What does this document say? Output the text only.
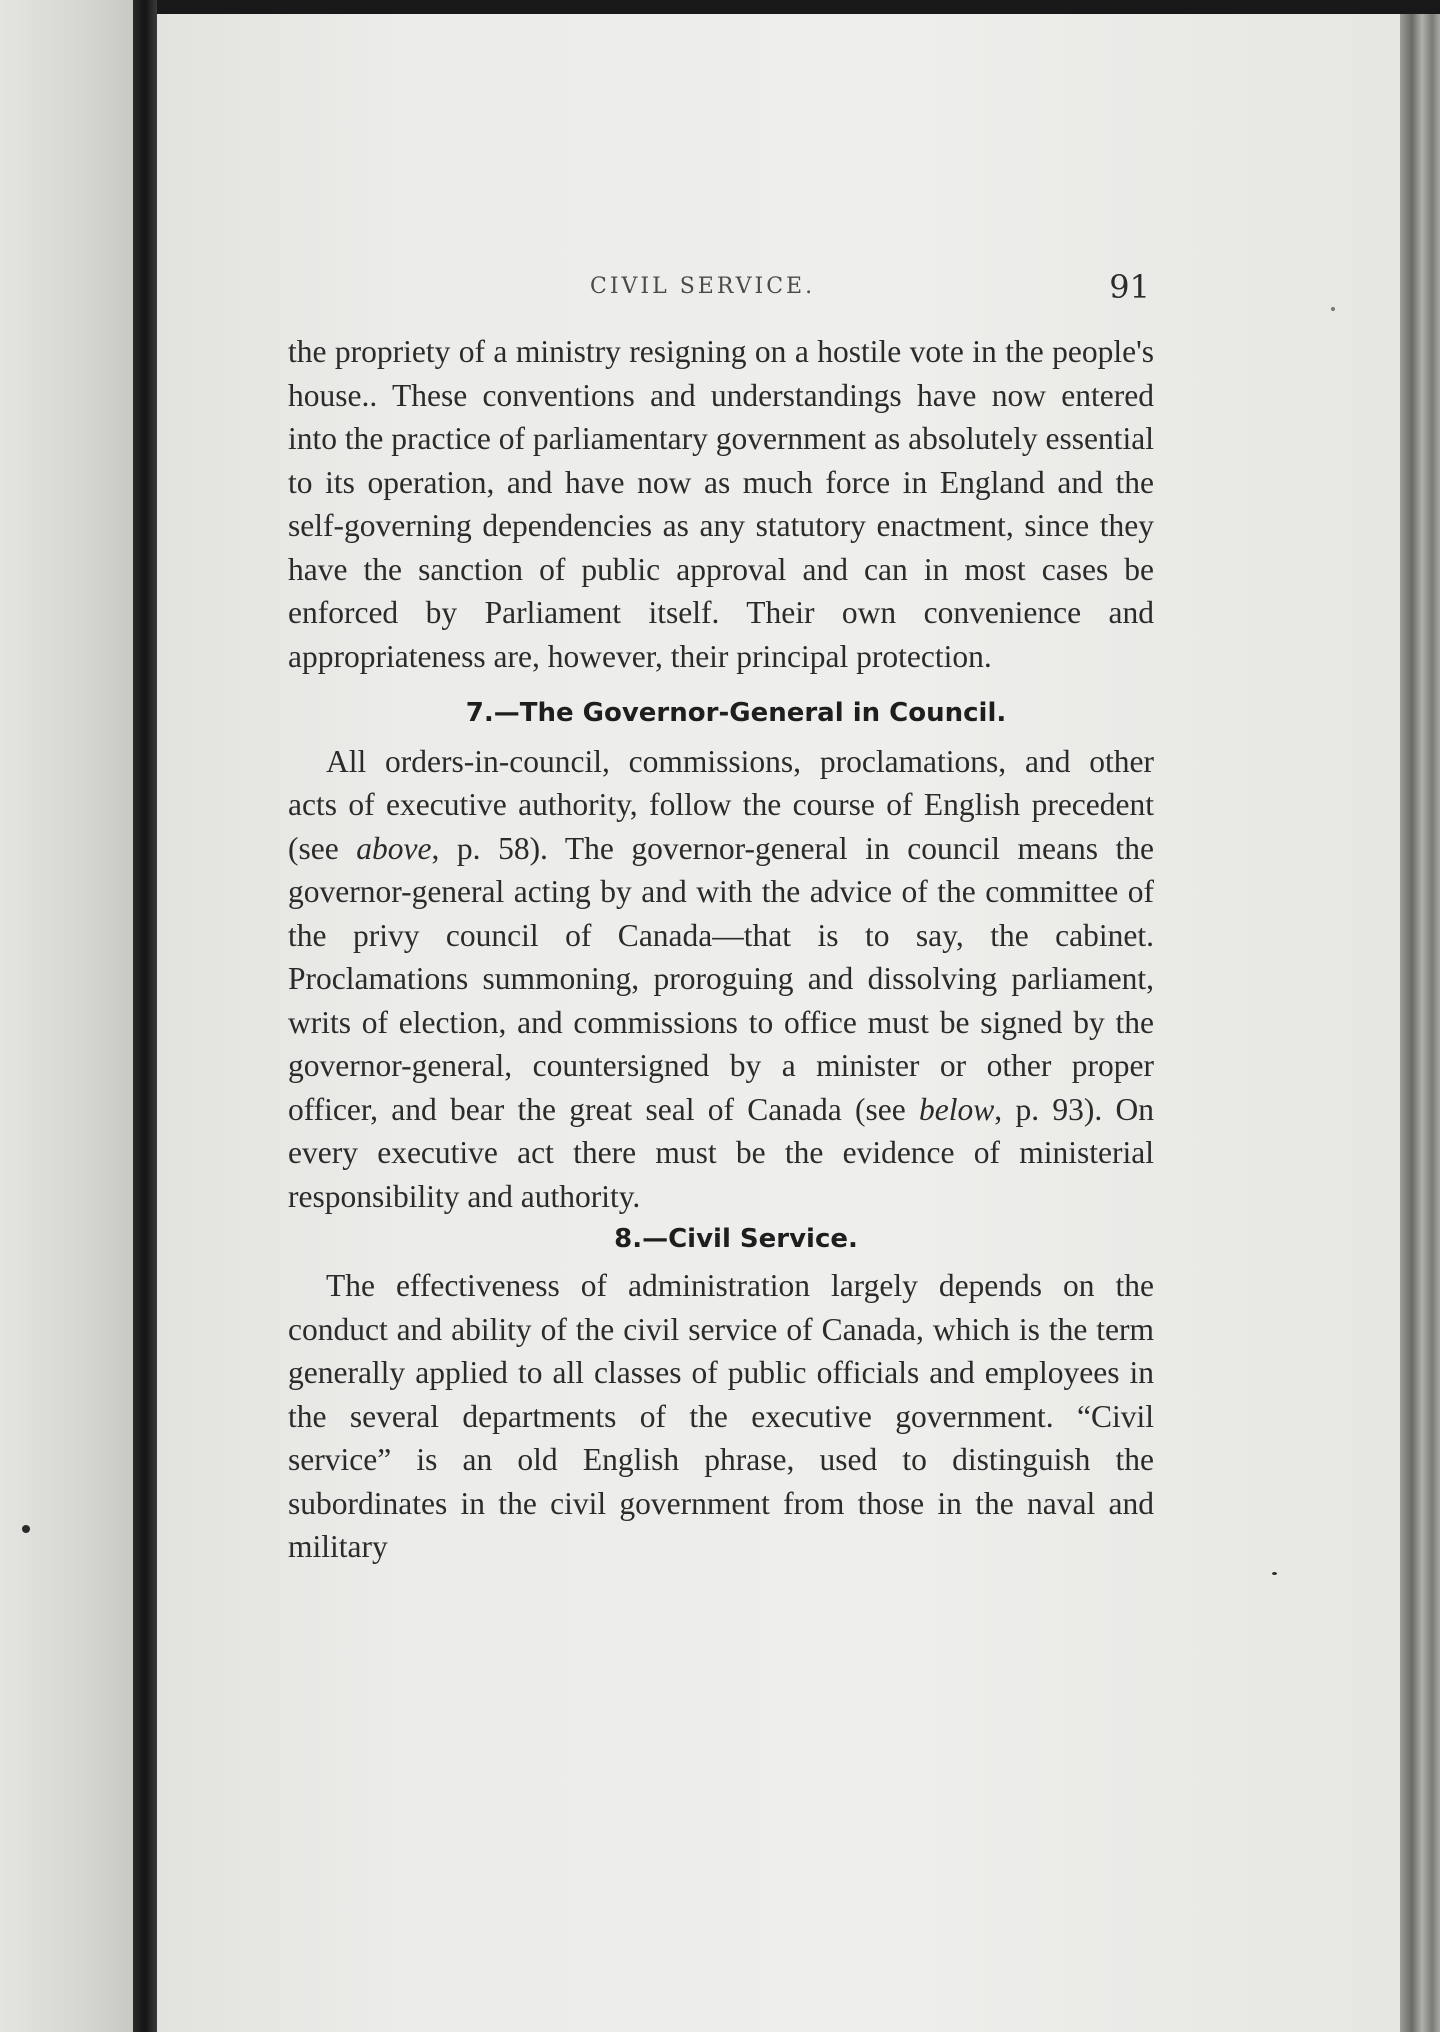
CIVIL SERVICE.	91

the propriety of a ministry resigning on a hostile vote in the people's house.. These conventions and understandings have now entered into the practice of parliamentary government as absolutely essential to its operation, and have now as much force in England and the self-governing dependencies as any statutory enactment, since they have the sanction of public approval and can in most cases be enforced by Parliament itself. Their own convenience and appropriateness are, however, their principal protection.

7.—The Governor-General in Council.

All orders-in-council, commissions, proclamations, and other acts of executive authority, follow the course of English precedent (see above, p. 58). The governor-general in council means the governor-general acting by and with the advice of the committee of the privy council of Canada—that is to say, the cabinet. Proclamations summoning, proroguing and dissolving parliament, writs of election, and commissions to office must be signed by the governor-general, countersigned by a minister or other proper officer, and bear the great seal of Canada (see below, p. 93). On every executive act there must be the evidence of ministerial responsibility and authority.

8.—Civil Service.

The effectiveness of administration largely depends on the conduct and ability of the civil service of Canada, which is the term generally applied to all classes of public officials and employees in the several departments of the executive government. “Civil service” is an old English phrase, used to distinguish the subordinates in the civil government from those in the naval and military
